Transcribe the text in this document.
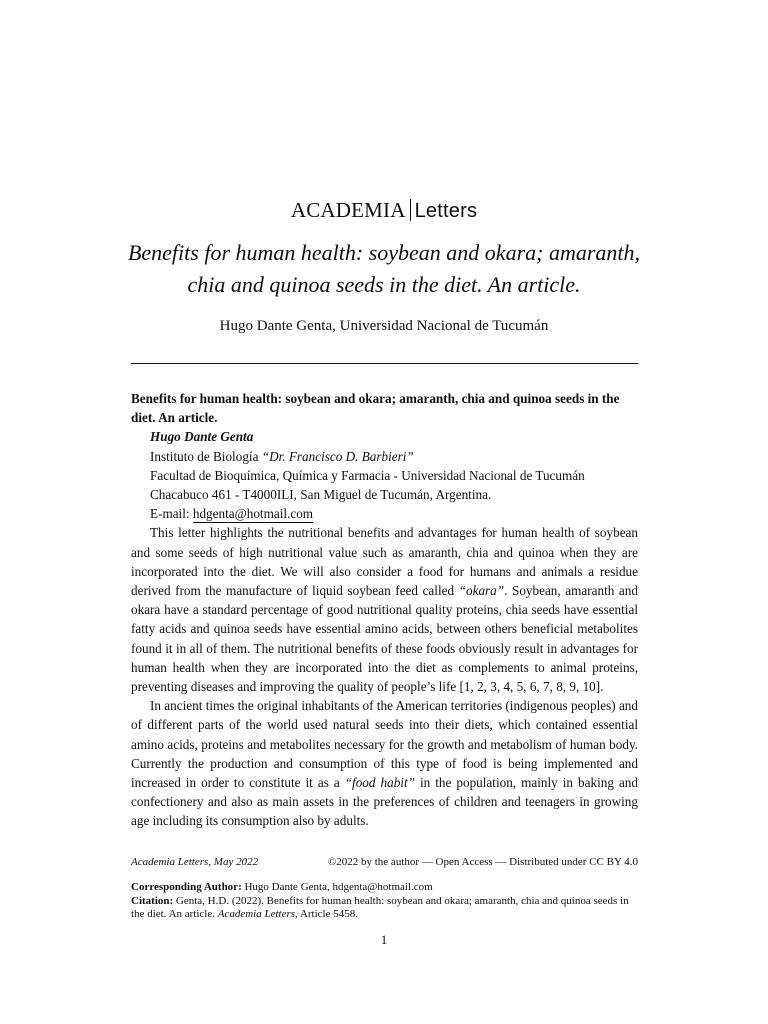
ACADEMIA Letters
Benefits for human health: soybean and okara; amaranth,
chia and quinoa seeds in the diet. An article.
Hugo Dante Genta, Universidad Nacional de Tucumán

Benefits for human health: soybean and okara; amaranth, chia and quinoa seeds in the diet. An article.

Hugo Dante Genta

Instituto de Biología “Dr. Francisco D. Barbieri”

Facultad de Bioquímica, Química y Farmacia - Universidad Nacional de Tucumán

Chacabuco 461 - T4000ILI, San Miguel de Tucumán, Argentina.

E-mail: hdgenta@hotmail.com

This letter highlights the nutritional benefits and advantages for human health of soybean and some seeds of high nutritional value such as amaranth, chia and quinoa when they are incorporated into the diet. We will also consider a food for humans and animals a residue derived from the manufacture of liquid soybean feed called “okara”. Soybean, amaranth and okara have a standard percentage of good nutritional quality proteins, chia seeds have essential fatty acids and quinoa seeds have essential amino acids, between others beneficial metabolites found it in all of them. The nutritional benefits of these foods obviously result in advantages for human health when they are incorporated into the diet as complements to animal proteins, preventing diseases and improving the quality of people’s life [1, 2, 3, 4, 5, 6, 7, 8, 9, 10].

In ancient times the original inhabitants of the American territories (indigenous peoples) and of different parts of the world used natural seeds into their diets, which contained essential amino acids, proteins and metabolites necessary for the growth and metabolism of human body. Currently the production and consumption of this type of food is being implemented and increased in order to constitute it as a “food habit” in the population, mainly in baking and confectionery and also as main assets in the preferences of children and teenagers in growing age including its consumption also by adults.

Academia Letters, May 2022	©2022 by the author — Open Access — Distributed under CC BY 4.0

Corresponding Author: Hugo Dante Genta, hdgenta@hotmail.com

Citation: Genta, H.D. (2022). Benefits for human health: soybean and okara; amaranth, chia and quinoa seeds in the diet. An article. Academia Letters, Article 5458.

1
